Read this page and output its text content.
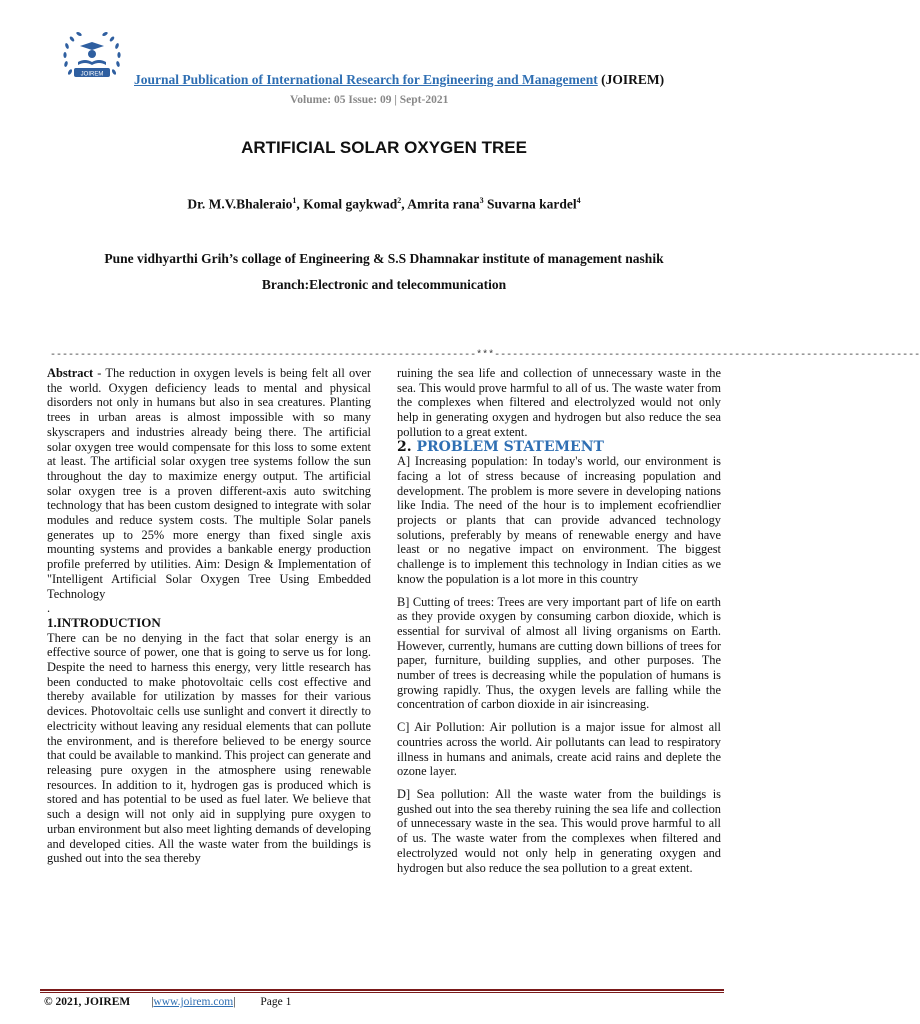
JOIREM Journal Publication of International Research for Engineering and Management (JOIREM)
Volume: 05 Issue: 09 | Sept-2021
ARTIFICIAL SOLAR OXYGEN TREE
Dr. M.V.Bhaleraio$^1$, Komal gaykwad$^2$, Amrita rana$^3$ Suvarna kardel$^4$
Pune vidhyarthi Grih’s collage of Engineering & S.S Dhamnakar institute of management nashik
Branch:Electronic and telecommunication
-----------------------------------------------------------------------***-----------------------------------------------------------------------

Abstract - The reduction in oxygen levels is being felt all over the world. Oxygen deficiency leads to mental and physical disorders not only in humans but also in sea creatures. Planting trees in urban areas is almost impossible with so many skyscrapers and industries already being there. The artificial solar oxygen tree would compensate for this loss to some extent at least. The artificial solar oxygen tree systems follow the sun throughout the day to maximize energy output. The artificial solar oxygen tree is a proven different-axis auto switching technology that has been custom designed to integrate with solar modules and reduce system costs. The multiple Solar panels generates up to 25% more energy than fixed single axis mounting systems and provides a bankable energy production profile preferred by utilities. Aim: Design & Implementation of "Intelligent Artificial Solar Oxygen Tree Using Embedded Technology

.

1.INTRODUCTION

There can be no denying in the fact that solar energy is an effective source of power, one that is going to serve us for long. Despite the need to harness this energy, very little research has been conducted to make photovoltaic cells cost effective and thereby available for utilization by masses for their various devices. Photovoltaic cells use sunlight and convert it directly to electricity without leaving any residual elements that can pollute the environment, and is therefore believed to be energy source that could be available to mankind. This project can generate and releasing pure oxygen in the atmosphere using renewable resources. In addition to it, hydrogen gas is produced which is stored and has potential to be used as fuel later. We believe that such a design will not only aid in supplying pure oxygen to urban environment but also meet lighting demands of developing and developed cities. All the waste water from the buildings is gushed out into the sea thereby

ruining the sea life and collection of unnecessary waste in the sea. This would prove harmful to all of us. The waste water from the complexes when filtered and electrolyzed would not only help in generating oxygen and hydrogen but also reduce the sea pollution to a great extent.

2. PROBLEM STATEMENT

A] Increasing population: In today's world, our environment is facing a lot of stress because of increasing population and development. The problem is more severe in developing nations like India. The need of the hour is to implement ecofriendlier projects or plants that can provide advanced technology solutions, preferably by means of renewable energy and have least or no negative impact on environment. The biggest challenge is to implement this technology in Indian cities as we know the population is a lot more in this country

B] Cutting of trees: Trees are very important part of life on earth as they provide oxygen by consuming carbon dioxide, which is essential for survival of almost all living organisms on Earth. However, currently, humans are cutting down billions of trees for paper, furniture, building supplies, and other purposes. The number of trees is decreasing while the population of humans is growing rapidly. Thus, the oxygen levels are falling while the concentration of carbon dioxide in air isincreasing.

C] Air Pollution: Air pollution is a major issue for almost all countries across the world. Air pollutants can lead to respiratory illness in humans and animals, create acid rains and deplete the ozone layer.

D] Sea pollution: All the waste water from the buildings is gushed out into the sea thereby ruining the sea life and collection of unnecessary waste in the sea. This would prove harmful to all of us. The waste water from the complexes when filtered and electrolyzed would not only help in generating oxygen and hydrogen but also reduce the sea pollution to a great extent.

© 2021, JOIREM |www.joirem.com| Page 1
